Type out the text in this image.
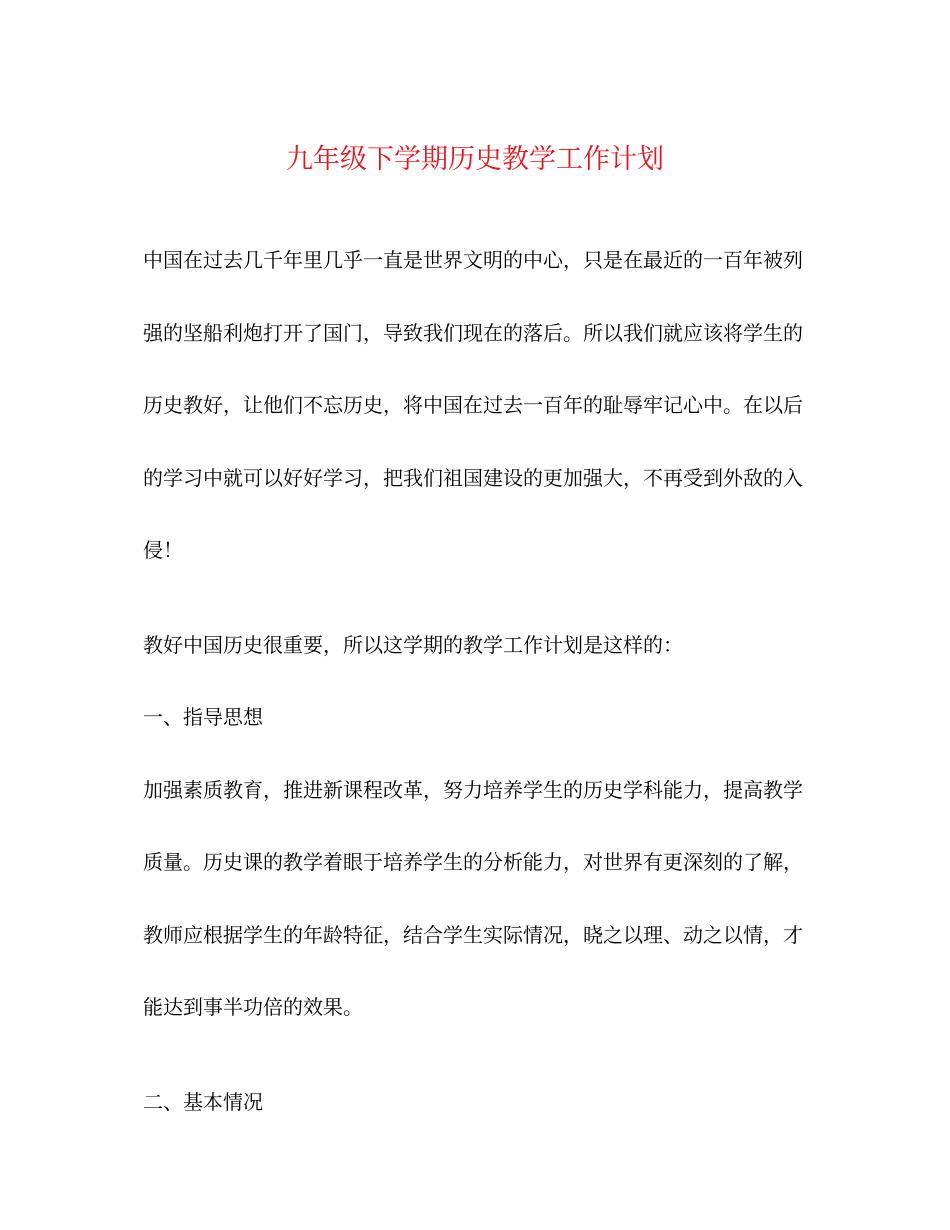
九年级下学期历史教学工作计划

中国在过去几千年里几乎一直是世界文明的中心，只是在最近的一百年被列强的坚船利炮打开了国门，导致我们现在的落后。所以我们就应该将学生的历史教好，让他们不忘历史，将中国在过去一百年的耻辱牢记心中。在以后的学习中就可以好好学习，把我们祖国建设的更加强大，不再受到外敌的入侵！

教好中国历史很重要，所以这学期的教学工作计划是这样的：

一、指导思想

加强素质教育，推进新课程改革，努力培养学生的历史学科能力，提高教学质量。历史课的教学着眼于培养学生的分析能力，对世界有更深刻的了解，教师应根据学生的年龄特征，结合学生实际情况，晓之以理、动之以情，才能达到事半功倍的效果。

二、基本情况
